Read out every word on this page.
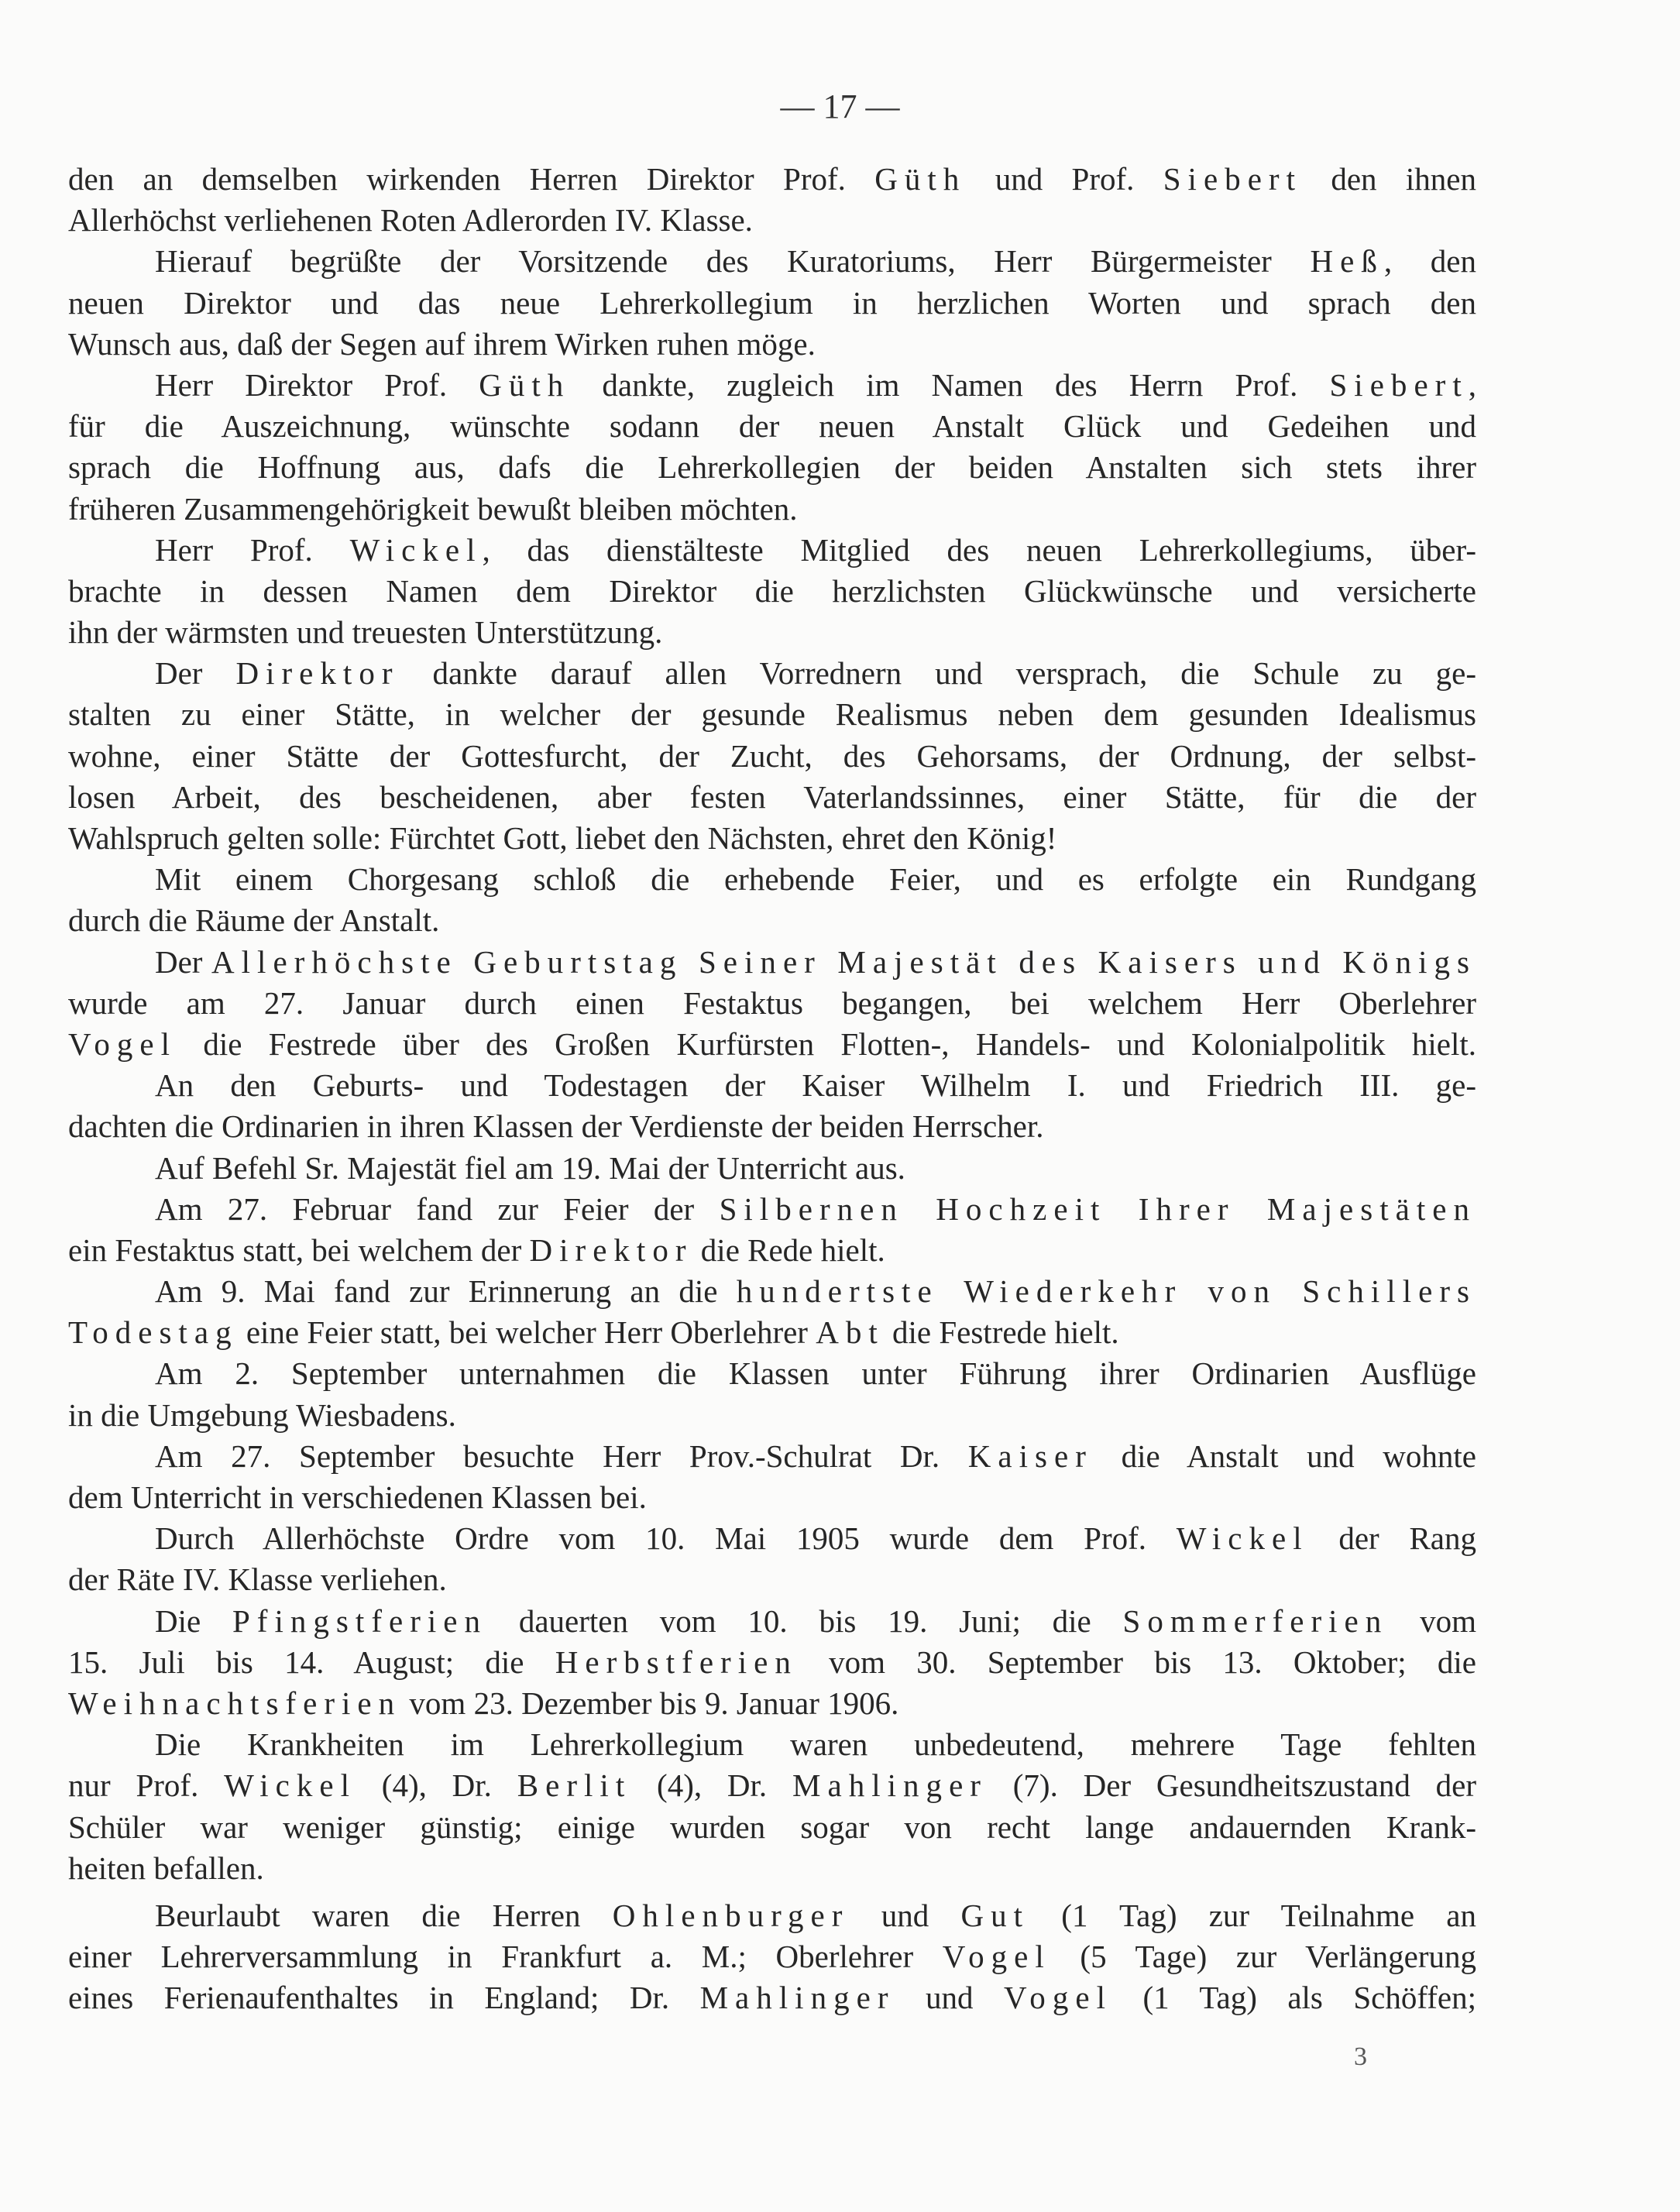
— 17 —
den an demselben wirkenden Herren Direktor Prof. Güth und Prof. Siebert den ihnen
Allerhöchst verliehenen Roten Adlerorden IV. Klasse.
Hierauf begrüßte der Vorsitzende des Kuratoriums, Herr Bürgermeister Heß, den
neuen Direktor und das neue Lehrerkollegium in herzlichen Worten und sprach den
Wunsch aus, daß der Segen auf ihrem Wirken ruhen möge.
Herr Direktor Prof. Güth dankte, zugleich im Namen des Herrn Prof. Siebert,
für die Auszeichnung, wünschte sodann der neuen Anstalt Glück und Gedeihen und
sprach die Hoffnung aus, dafs die Lehrerkollegien der beiden Anstalten sich stets ihrer
früheren Zusammengehörigkeit bewußt bleiben möchten.
Herr Prof. Wickel, das dienstälteste Mitglied des neuen Lehrerkollegiums, über-
brachte in dessen Namen dem Direktor die herzlichsten Glückwünsche und versicherte
ihn der wärmsten und treuesten Unterstützung.
Der Direktor dankte darauf allen Vorrednern und versprach, die Schule zu ge-
stalten zu einer Stätte, in welcher der gesunde Realismus neben dem gesunden Idealismus
wohne, einer Stätte der Gottesfurcht, der Zucht, des Gehorsams, der Ordnung, der selbst-
losen Arbeit, des bescheidenen, aber festen Vaterlandssinnes, einer Stätte, für die der
Wahlspruch gelten solle: Fürchtet Gott, liebet den Nächsten, ehret den König!
Mit einem Chorgesang schloß die erhebende Feier, und es erfolgte ein Rundgang
durch die Räume der Anstalt.
Der Allerhöchste Geburtstag Seiner Majestät des Kaisers und Königs
wurde am 27. Januar durch einen Festaktus begangen, bei welchem Herr Oberlehrer
Vogel die Festrede über des Großen Kurfürsten Flotten-, Handels- und Kolonialpolitik hielt.
An den Geburts- und Todestagen der Kaiser Wilhelm I. und Friedrich III. ge-
dachten die Ordinarien in ihren Klassen der Verdienste der beiden Herrscher.
Auf Befehl Sr. Majestät fiel am 19. Mai der Unterricht aus.
Am 27. Februar fand zur Feier der Silbernen Hochzeit Ihrer Majestäten
ein Festaktus statt, bei welchem der Direktor die Rede hielt.
Am 9. Mai fand zur Erinnerung an die hundertste Wiederkehr von Schillers
Todestag eine Feier statt, bei welcher Herr Oberlehrer Abt die Festrede hielt.
Am 2. September unternahmen die Klassen unter Führung ihrer Ordinarien Ausflüge
in die Umgebung Wiesbadens.
Am 27. September besuchte Herr Prov.-Schulrat Dr. Kaiser die Anstalt und wohnte
dem Unterricht in verschiedenen Klassen bei.
Durch Allerhöchste Ordre vom 10. Mai 1905 wurde dem Prof. Wickel der Rang
der Räte IV. Klasse verliehen.
Die Pfingstferien dauerten vom 10. bis 19. Juni; die Sommerferien vom
15. Juli bis 14. August; die Herbstferien vom 30. September bis 13. Oktober; die
Weihnachtsferien vom 23. Dezember bis 9. Januar 1906.
Die Krankheiten im Lehrerkollegium waren unbedeutend, mehrere Tage fehlten
nur Prof. Wickel (4), Dr. Berlit (4), Dr. Mahlinger (7). Der Gesundheitszustand der
Schüler war weniger günstig; einige wurden sogar von recht lange andauernden Krank-
heiten befallen.
Beurlaubt waren die Herren Ohlenburger und Gut (1 Tag) zur Teilnahme an
einer Lehrerversammlung in Frankfurt a. M.; Oberlehrer Vogel (5 Tage) zur Verlängerung
eines Ferienaufenthaltes in England; Dr. Mahlinger und Vogel (1 Tag) als Schöffen;
3
